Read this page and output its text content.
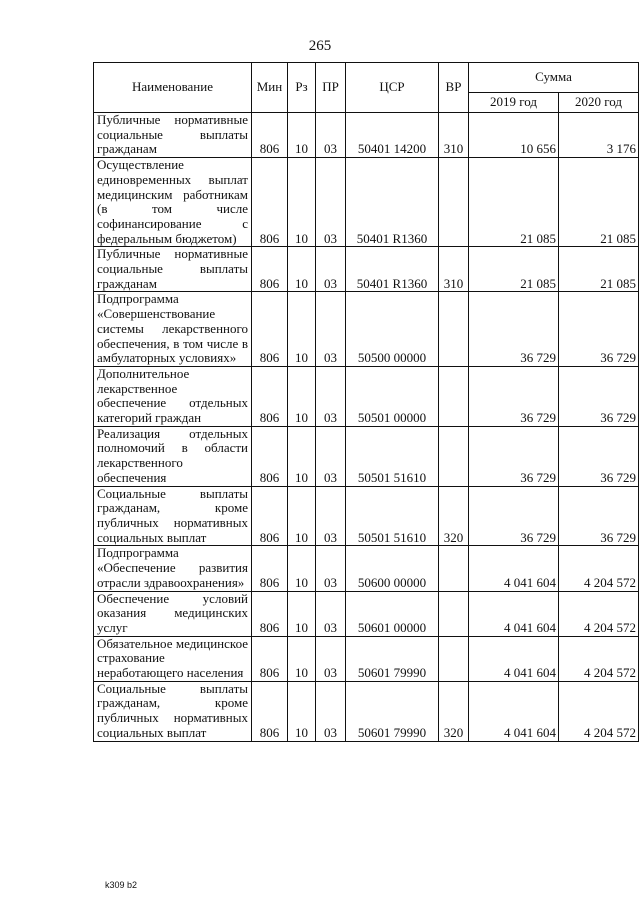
265
Наименование	Мин	Рз	ПР	ЦСР	ВР	Сумма	
						2019 год	2020 год
Публичные нормативные социальные выплаты гражданам	806	10	03	50401 14200	310	10 656	3 176
Осуществление единовременных выплат медицинским работникам (в том числе софинансирование с федеральным бюджетом)	806	10	03	50401 R1360		21 085	21 085
Публичные нормативные социальные выплаты гражданам	806	10	03	50401 R1360	310	21 085	21 085
Подпрограмма «Совершенствование системы лекарственного обеспечения, в том числе в амбулаторных условиях»	806	10	03	50500 00000		36 729	36 729
Дополнительное лекарственное обеспечение отдельных категорий граждан	806	10	03	50501 00000		36 729	36 729
Реализация отдельных полномочий в области лекарственного обеспечения	806	10	03	50501 51610		36 729	36 729
Социальные выплаты гражданам, кроме публичных нормативных социальных выплат	806	10	03	50501 51610	320	36 729	36 729
Подпрограмма «Обеспечение развития отрасли здравоохранения»	806	10	03	50600 00000		4 041 604	4 204 572
Обеспечение условий оказания медицинских услуг	806	10	03	50601 00000		4 041 604	4 204 572
Обязательное медицинское страхование неработающего населения	806	10	03	50601 79990		4 041 604	4 204 572
Социальные выплаты гражданам, кроме публичных нормативных социальных выплат	806	10	03	50601 79990	320	4 041 604	4 204 572
k309 b2
